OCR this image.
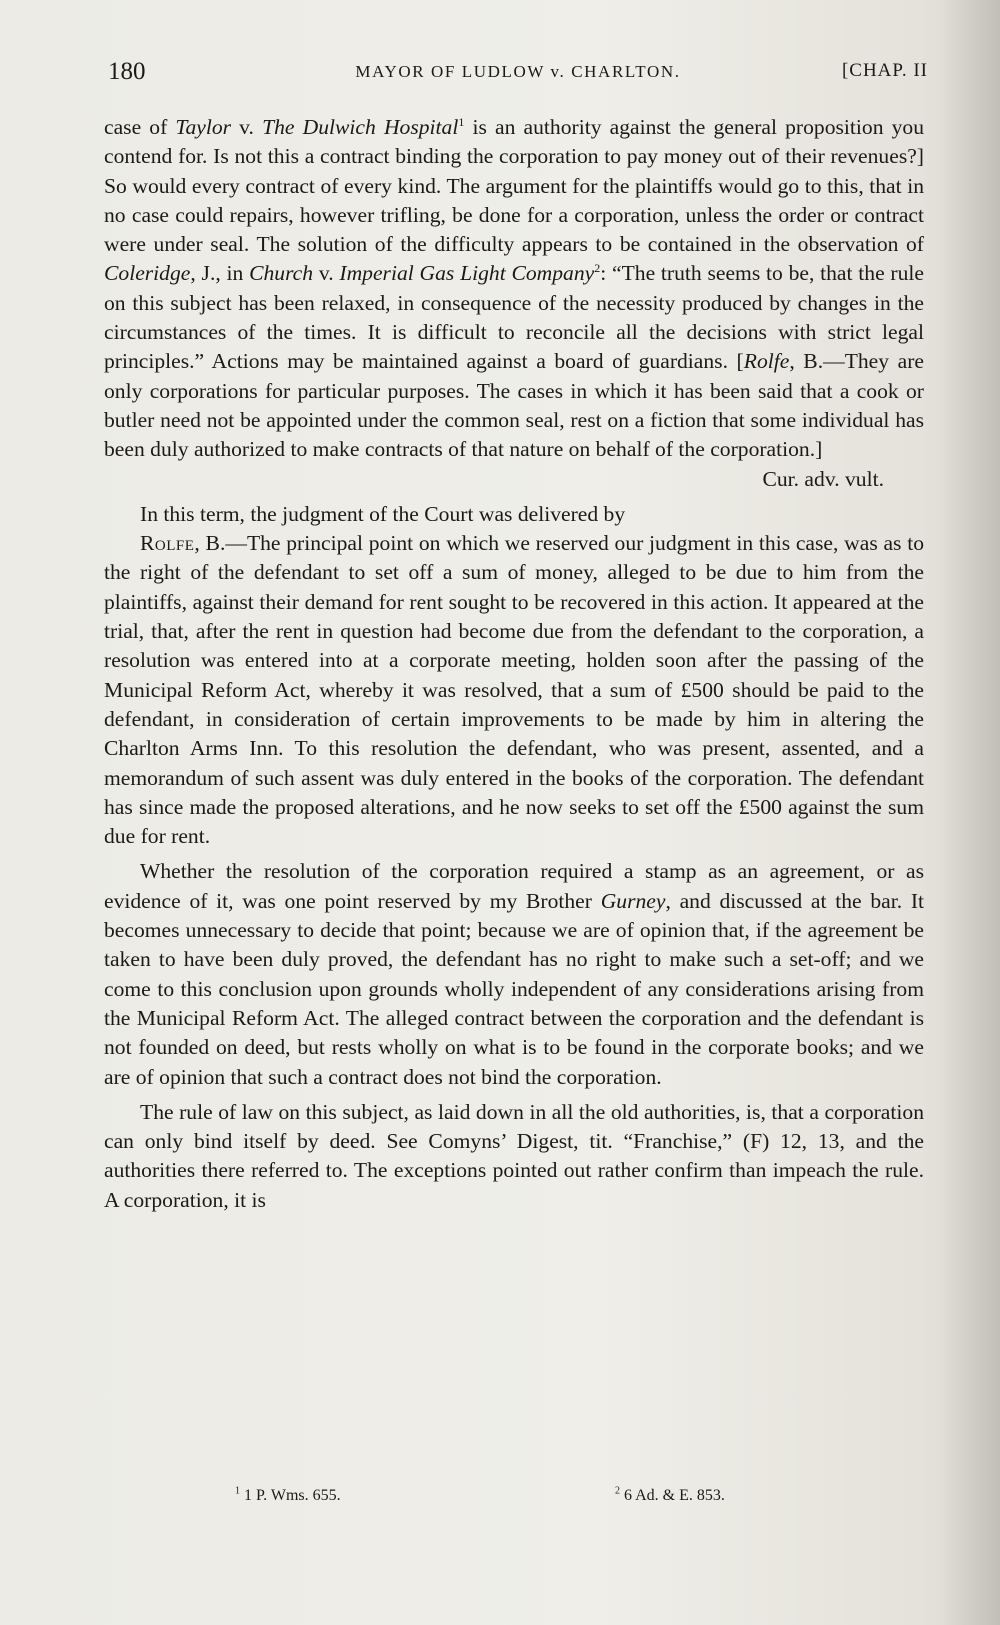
180	MAYOR OF LUDLOW v. CHARLTON.	[CHAP. II

case of Taylor v. The Dulwich Hospital$^1$ is an authority against the general proposition you contend for. Is not this a contract binding the corporation to pay money out of their revenues?] So would every contract of every kind. The argument for the plaintiffs would go to this, that in no case could repairs, however trifling, be done for a corporation, unless the order or contract were under seal. The solution of the difficulty appears to be contained in the observation of Coleridge, J., in Church v. Imperial Gas Light Company$^2$: “The truth seems to be, that the rule on this subject has been relaxed, in consequence of the necessity produced by changes in the circumstances of the times. It is difficult to reconcile all the decisions with strict legal principles.” Actions may be maintained against a board of guardians. [Rolfe, B.—They are only corporations for particular purposes. The cases in which it has been said that a cook or butler need not be appointed under the common seal, rest on a fiction that some individual has been duly authorized to make contracts of that nature on behalf of the corporation.]

Cur. adv. vult.

In this term, the judgment of the Court was delivered by

Rolfe, B.—The principal point on which we reserved our judgment in this case, was as to the right of the defendant to set off a sum of money, alleged to be due to him from the plaintiffs, against their demand for rent sought to be recovered in this action. It appeared at the trial, that, after the rent in question had become due from the defendant to the corporation, a resolution was entered into at a corporate meeting, holden soon after the passing of the Municipal Reform Act, whereby it was resolved, that a sum of £500 should be paid to the defendant, in consideration of certain improvements to be made by him in altering the Charlton Arms Inn. To this resolution the defendant, who was present, assented, and a memorandum of such assent was duly entered in the books of the corporation. The defendant has since made the proposed alterations, and he now seeks to set off the £500 against the sum due for rent.

Whether the resolution of the corporation required a stamp as an agreement, or as evidence of it, was one point reserved by my Brother Gurney, and discussed at the bar. It becomes unnecessary to decide that point; because we are of opinion that, if the agreement be taken to have been duly proved, the defendant has no right to make such a set-off; and we come to this conclusion upon grounds wholly independent of any considerations arising from the Municipal Reform Act. The alleged contract between the corporation and the defendant is not founded on deed, but rests wholly on what is to be found in the corporate books; and we are of opinion that such a contract does not bind the corporation.

The rule of law on this subject, as laid down in all the old authorities, is, that a corporation can only bind itself by deed. See Comyns’ Digest, tit. “Franchise,” (F) 12, 13, and the authorities there referred to. The exceptions pointed out rather confirm than impeach the rule. A corporation, it is

$^1$ 1 P. Wms. 655.	$^2$ 6 Ad. & E. 853.
